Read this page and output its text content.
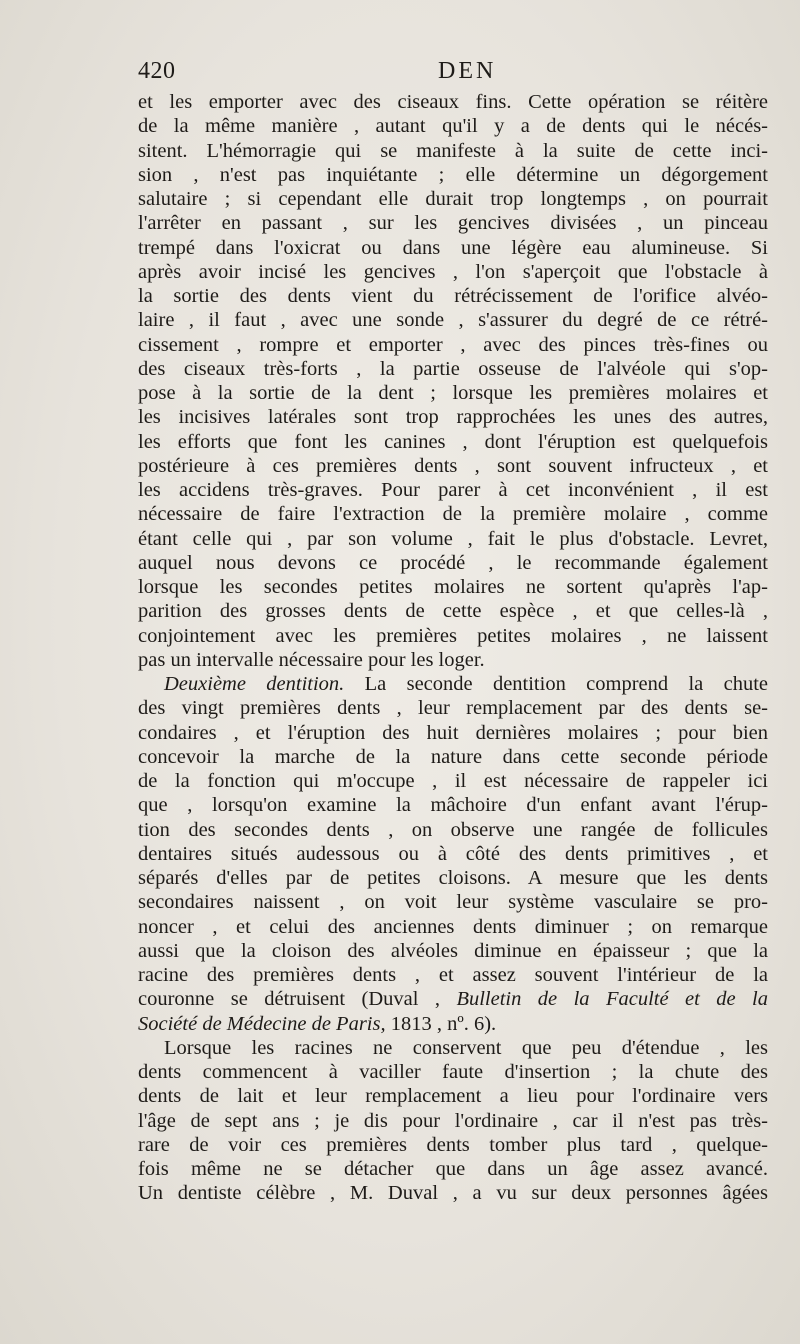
420	DEN
et les emporter avec des ciseaux fins. Cette opération se réitère
de la même manière , autant qu'il y a de dents qui le nécés-
sitent. L'hémorragie qui se manifeste à la suite de cette inci-
sion , n'est pas inquiétante ; elle détermine un dégorgement
salutaire ; si cependant elle durait trop longtemps , on pourrait
l'arrêter en passant , sur les gencives divisées , un pinceau
trempé dans l'oxicrat ou dans une légère eau alumineuse. Si
après avoir incisé les gencives , l'on s'aperçoit que l'obstacle à
la sortie des dents vient du rétrécissement de l'orifice alvéo-
laire , il faut , avec une sonde , s'assurer du degré de ce rétré-
cissement , rompre et emporter , avec des pinces très-fines ou
des ciseaux très-forts , la partie osseuse de l'alvéole qui s'op-
pose à la sortie de la dent ; lorsque les premières molaires et
les incisives latérales sont trop rapprochées les unes des autres,
les efforts que font les canines , dont l'éruption est quelquefois
postérieure à ces premières dents , sont souvent infructeux , et
les accidens très-graves. Pour parer à cet inconvénient , il est
nécessaire de faire l'extraction de la première molaire , comme
étant celle qui , par son volume , fait le plus d'obstacle. Levret,
auquel nous devons ce procédé , le recommande également
lorsque les secondes petites molaires ne sortent qu'après l'ap-
parition des grosses dents de cette espèce , et que celles-là ,
conjointement avec les premières petites molaires , ne laissent
pas un intervalle nécessaire pour les loger.
Deuxième dentition. La seconde dentition comprend la chute
des vingt premières dents , leur remplacement par des dents se-
condaires , et l'éruption des huit dernières molaires ; pour bien
concevoir la marche de la nature dans cette seconde période
de la fonction qui m'occupe , il est nécessaire de rappeler ici
que , lorsqu'on examine la mâchoire d'un enfant avant l'érup-
tion des secondes dents , on observe une rangée de follicules
dentaires situés audessous ou à côté des dents primitives , et
séparés d'elles par de petites cloisons. A mesure que les dents
secondaires naissent , on voit leur système vasculaire se pro-
noncer , et celui des anciennes dents diminuer ; on remarque
aussi que la cloison des alvéoles diminue en épaisseur ; que la
racine des premières dents , et assez souvent l'intérieur de la
couronne se détruisent (Duval , Bulletin de la Faculté et de la
Société de Médecine de Paris, 1813 , nº. 6).
Lorsque les racines ne conservent que peu d'étendue , les
dents commencent à vaciller faute d'insertion ; la chute des
dents de lait et leur remplacement a lieu pour l'ordinaire vers
l'âge de sept ans ; je dis pour l'ordinaire , car il n'est pas très-
rare de voir ces premières dents tomber plus tard , quelque-
fois même ne se détacher que dans un âge assez avancé.
Un dentiste célèbre , M. Duval , a vu sur deux personnes âgées
